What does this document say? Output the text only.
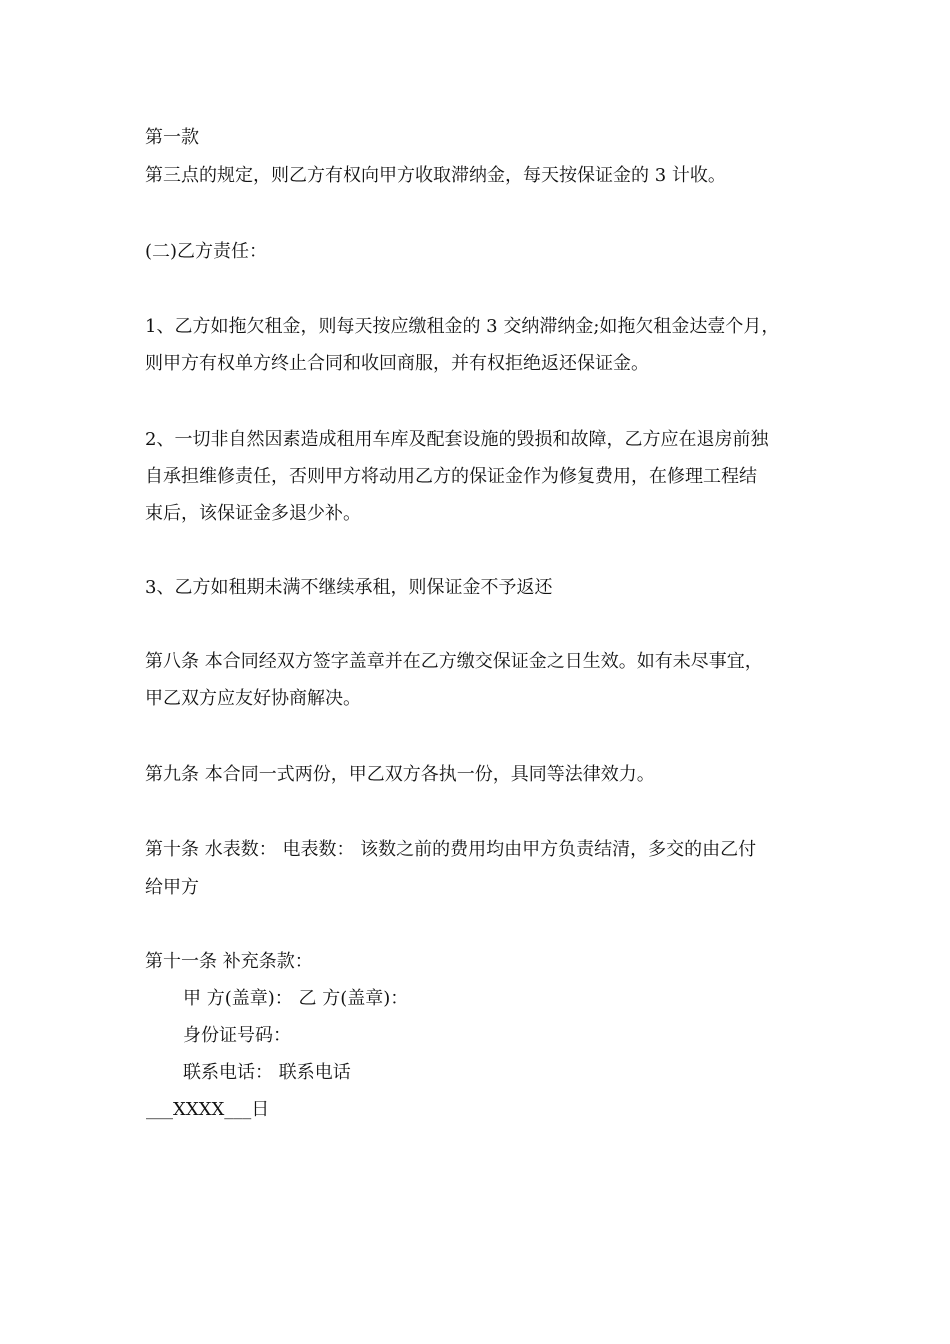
第一款
第三点的规定，则乙方有权向甲方收取滞纳金，每天按保证金的 3 计收。
(二)乙方责任：
1、乙方如拖欠租金，则每天按应缴租金的 3 交纳滞纳金;如拖欠租金达壹个月，
则甲方有权单方终止合同和收回商服，并有权拒绝返还保证金。
2、一切非自然因素造成租用车库及配套设施的毁损和故障，乙方应在退房前独
自承担维修责任，否则甲方将动用乙方的保证金作为修复费用，在修理工程结
束后，该保证金多退少补。
3、乙方如租期未满不继续承租，则保证金不予返还
第八条 本合同经双方签字盖章并在乙方缴交保证金之日生效。如有未尽事宜，
甲乙双方应友好协商解决。
第九条 本合同一式两份，甲乙双方各执一份，具同等法律效力。
第十条 水表数： 电表数： 该数之前的费用均由甲方负责结清，多交的由乙付
给甲方
第十一条 补充条款：
甲 方(盖章)： 乙 方(盖章)：
身份证号码：
联系电话： 联系电话
___XXXX___日
